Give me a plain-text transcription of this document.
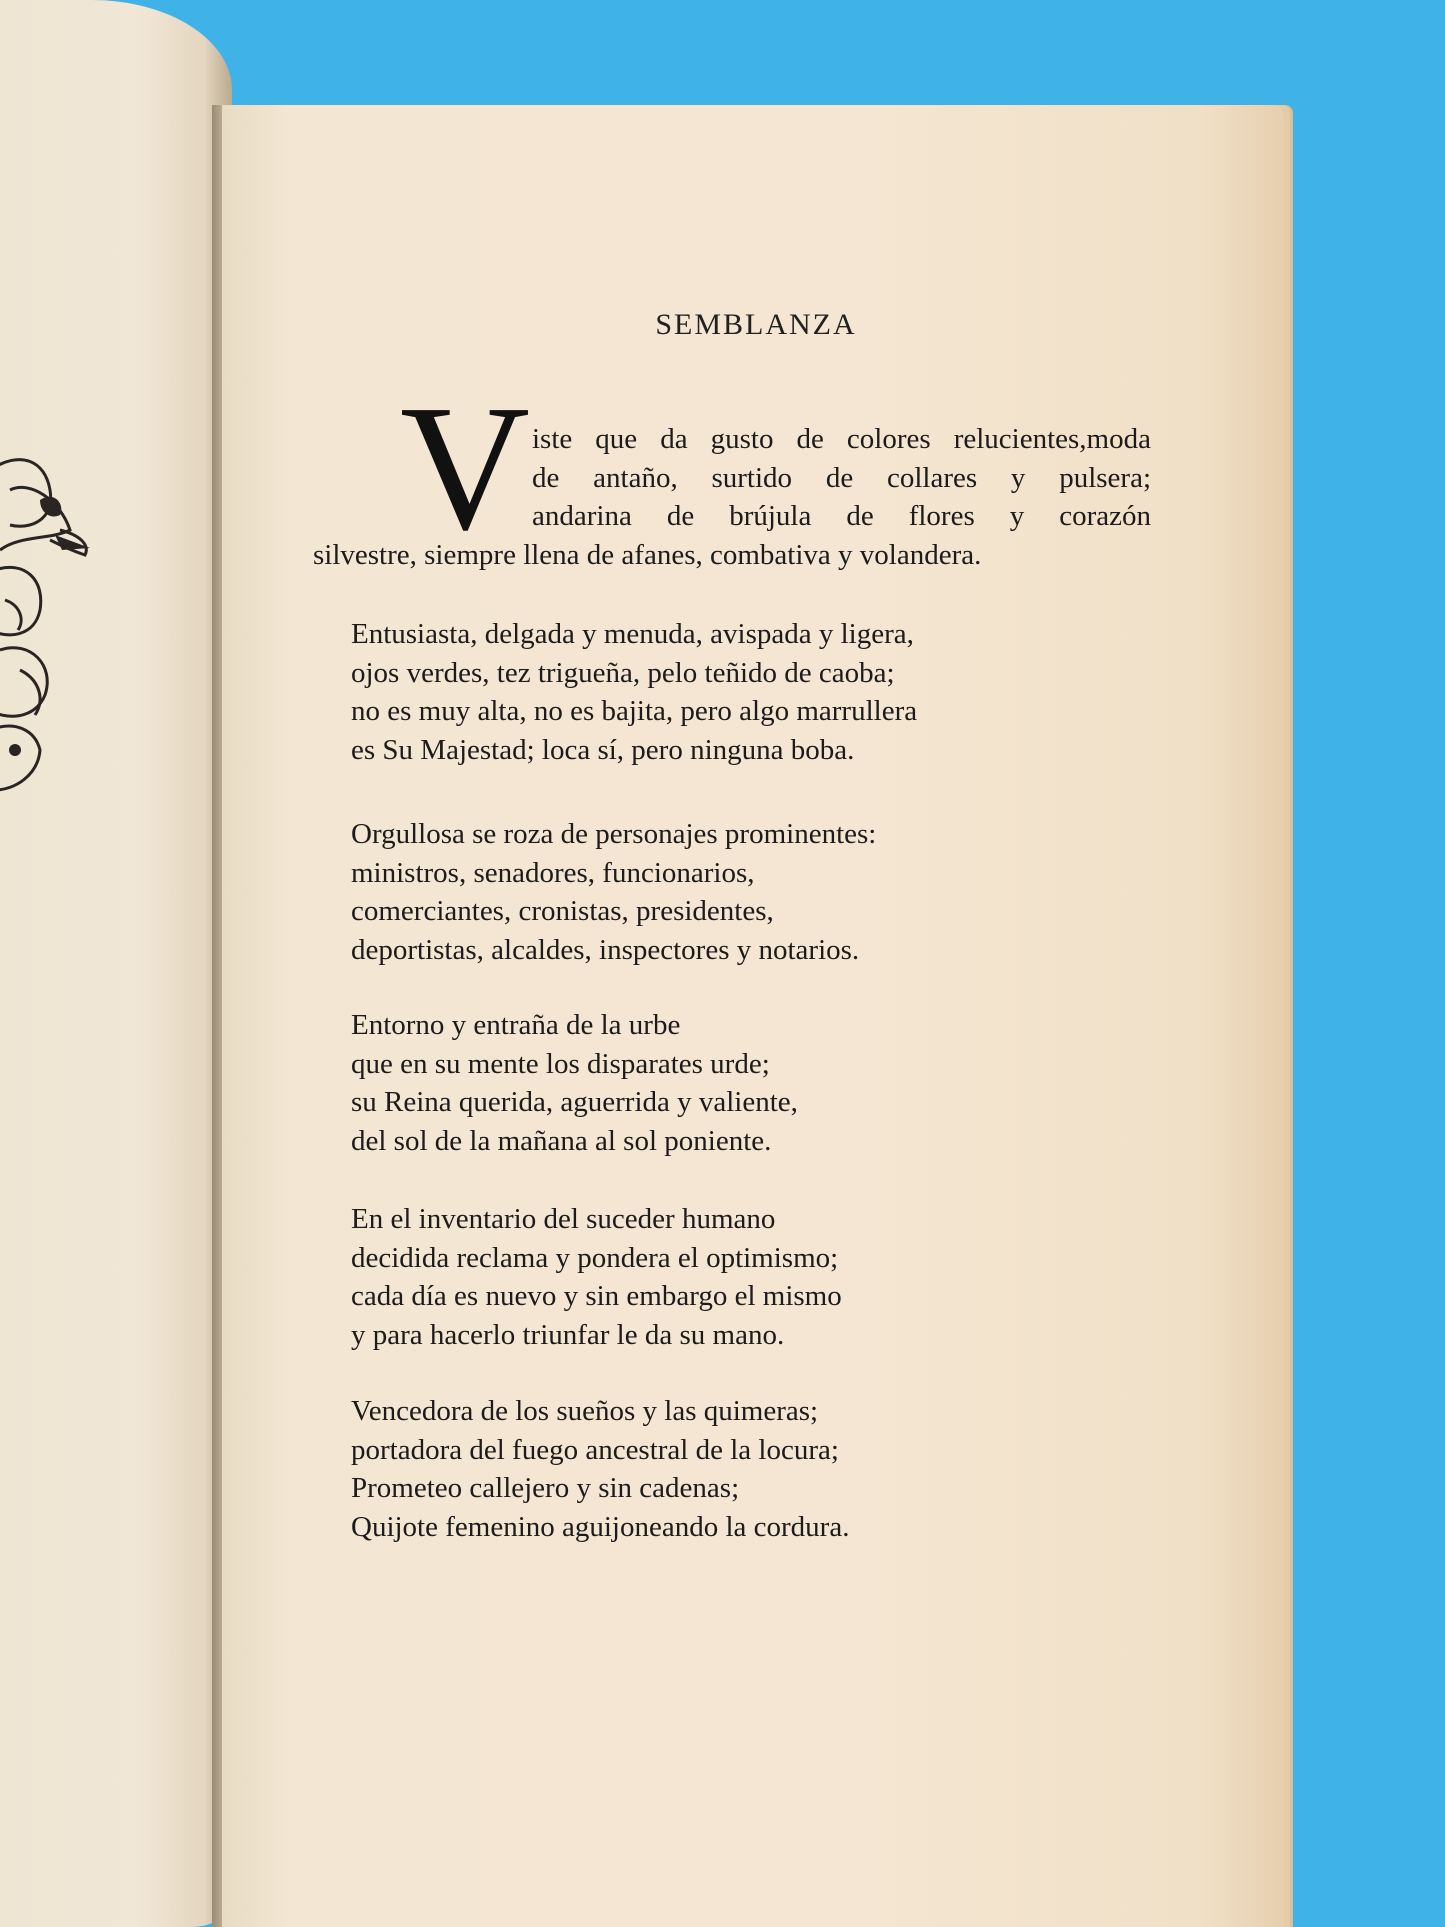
SEMBLANZA
V iste que da gusto de colores relucientes,moda
de antaño, surtido de collares y pulsera;
andarina de brújula de flores y corazón
silvestre, siempre llena de afanes, combativa y volandera.
Entusiasta, delgada y menuda, avispada y ligera,
ojos verdes, tez trigueña, pelo teñido de caoba;
no es muy alta, no es bajita, pero algo marrullera
es Su Majestad; loca sí, pero ninguna boba.
Orgullosa se roza de personajes prominentes:
ministros, senadores, funcionarios,
comerciantes, cronistas, presidentes,
deportistas, alcaldes, inspectores y notarios.
Entorno y entraña de la urbe
que en su mente los disparates urde;
su Reina querida, aguerrida y valiente,
del sol de la mañana al sol poniente.
En el inventario del suceder humano
decidida reclama y pondera el optimismo;
cada día es nuevo y sin embargo el mismo
y para hacerlo triunfar le da su mano.
Vencedora de los sueños y las quimeras;
portadora del fuego ancestral de la locura;
Prometeo callejero y sin cadenas;
Quijote femenino aguijoneando la cordura.
